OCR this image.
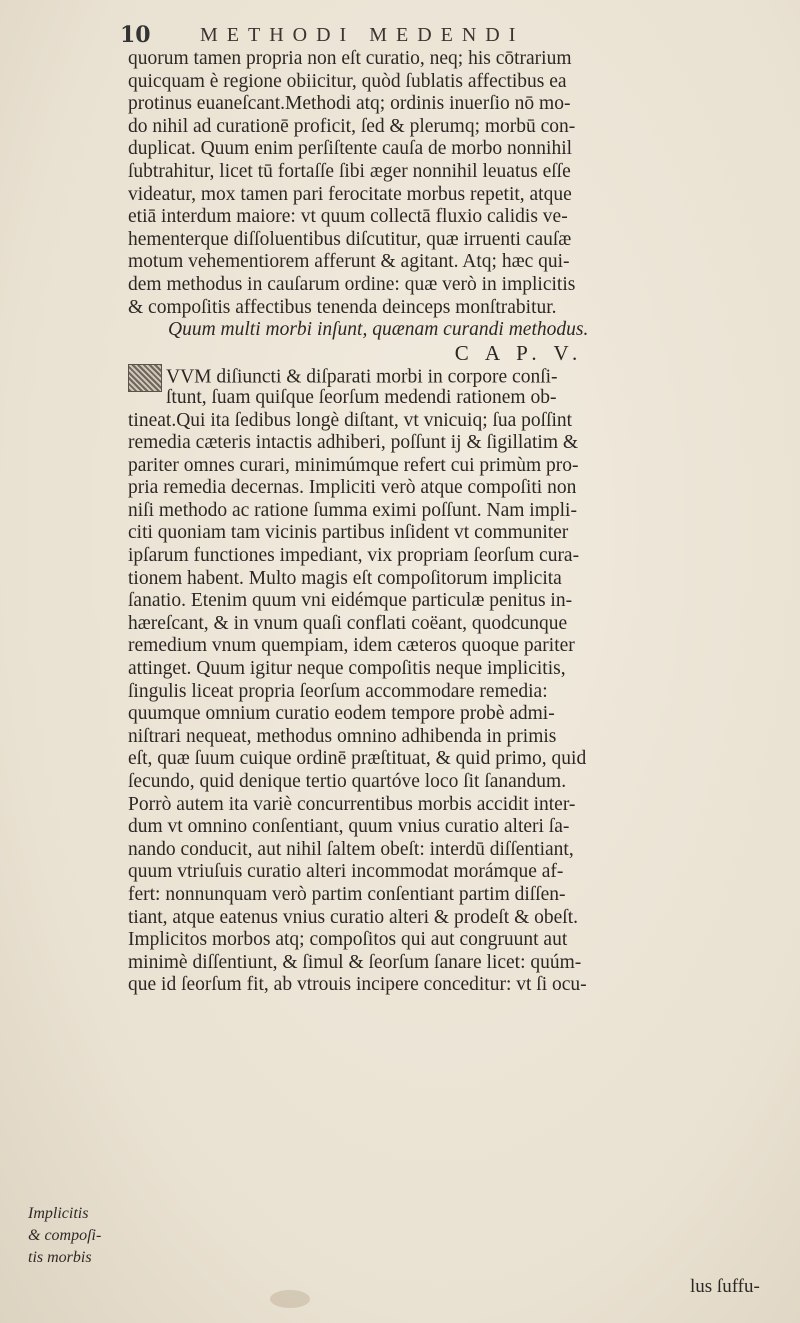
10 METHODI MEDENDI
quorum tamen propria non eſt curatio, neq; his cōtrarium
quicquam è regione obiicitur, quòd ſublatis affectibus ea
protinus euaneſcant.Methodi atq; ordinis inuerſio nō mo-
do nihil ad curationē proficit, ſed & plerumq; morbū con-
duplicat. Quum enim perſiſtente cauſa de morbo nonnihil
ſubtrahitur, licet tū fortaſſe ſibi æger nonnihil leuatus eſſe
videatur, mox tamen pari ferocitate morbus repetit, atque
etiā interdum maiore: vt quum collectā fluxio calidis ve-
hementerque diſſoluentibus diſcutitur, quæ irruenti cauſæ
motum vehementiorem afferunt & agitant. Atq; hæc qui-
dem methodus in cauſarum ordine: quæ verò in implicitis
& compoſitis affectibus tenenda deinceps monſtrabitur.
Quum multi morbi inſunt, quænam curandi methodus.
C A P. V.
VVM diſiuncti & diſparati morbi in corpore conſi-
ſtunt, ſuam quiſque ſeorſum medendi rationem ob-
tineat.Qui ita ſedibus longè diſtant, vt vnicuiq; ſua poſſint
remedia cæteris intactis adhiberi, poſſunt ij & ſigillatim &
pariter omnes curari, minimúmque refert cui primùm pro-
pria remedia decernas. Impliciti verò atque compoſiti non
niſi methodo ac ratione ſumma eximi poſſunt. Nam impli-
citi quoniam tam vicinis partibus inſident vt communiter
ipſarum functiones impediant, vix propriam ſeorſum cura-
tionem habent. Multo magis eſt compoſitorum implicita
ſanatio. Etenim quum vni eidémque particulæ penitus in-
hæreſcant, & in vnum quaſi conflati coëant, quodcunque
remedium vnum quempiam, idem cæteros quoque pariter
attinget. Quum igitur neque compoſitis neque implicitis,
ſingulis liceat propria ſeorſum accommodare remedia:
quumque omnium curatio eodem tempore probè admi-
niſtrari nequeat, methodus omnino adhibenda in primis
eſt, quæ ſuum cuique ordinē præſtituat, & quid primo, quid
ſecundo, quid denique tertio quartóve loco ſit ſanandum.
Porrò autem ita variè concurrentibus morbis accidit inter-
dum vt omnino conſentiant, quum vnius curatio alteri ſa-
nando conducit, aut nihil ſaltem obeſt: interdū diſſentiant,
quum vtriuſuis curatio alteri incommodat morámque af-
fert: nonnunquam verò partim conſentiant partim diſſen-
tiant, atque eatenus vnius curatio alteri & prodeſt & obeſt.
Implicitos morbos atq; compoſitos qui aut congruunt aut
minimè diſſentiunt, & ſimul & ſeorſum ſanare licet: quúm-
que id ſeorſum fit, ab vtrouis incipere conceditur: vt ſi ocu-
Implicitis
& compoſi-
tis morbis
lus ſuffu-
